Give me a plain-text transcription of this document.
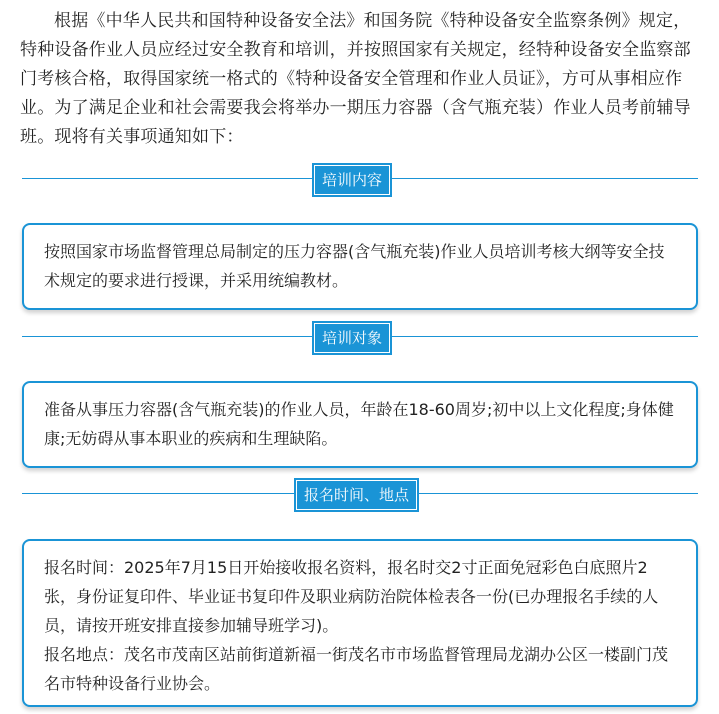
根据《中华人民共和国特种设备安全法》和国务院《特种设备安全监察条例》规定，特种设备作业人员应经过安全教育和培训，并按照国家有关规定，经特种设备安全监察部门考核合格，取得国家统一格式的《特种设备安全管理和作业人员证》，方可从事相应作业。为了满足企业和社会需要我会将举办一期压力容器（含气瓶充装）作业人员考前辅导班。现将有关事项通知如下：

培训内容

按照国家市场监督管理总局制定的压力容器(含气瓶充装)作业人员培训考核大纲等安全技术规定的要求进行授课，并采用统编教材。

培训对象

准备从事压力容器(含气瓶充装)的作业人员，年龄在18-60周岁;初中以上文化程度;身体健康;无妨碍从事本职业的疾病和生理缺陷。

报名时间、地点

报名时间：2025年7月15日开始接收报名资料，报名时交2寸正面免冠彩色白底照片2张，身份证复印件、毕业证书复印件及职业病防治院体检表各一份(已办理报名手续的人员，请按开班安排直接参加辅导班学习)。

报名地点：茂名市茂南区站前街道新福一街茂名市市场监督管理局龙湖办公区一楼副门茂名市特种设备行业协会。
